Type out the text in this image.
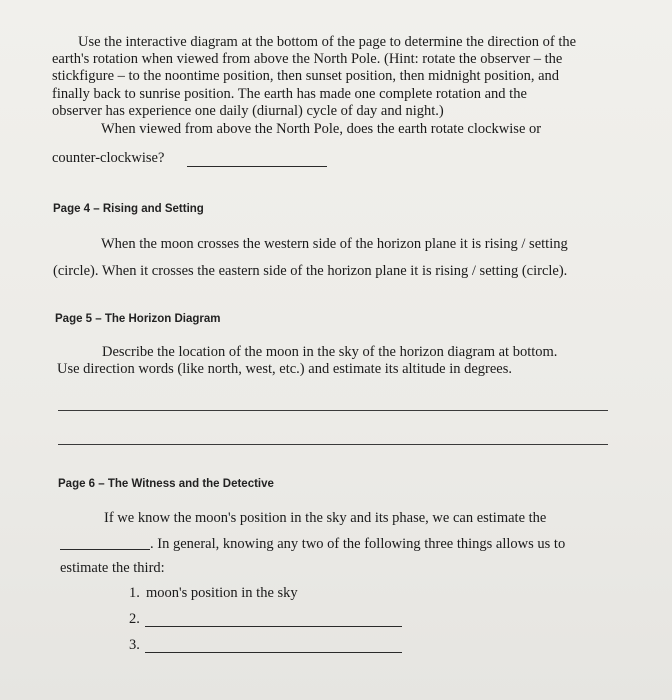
Use the interactive diagram at the bottom of the page to determine the direction of the
earth's rotation when viewed from above the North Pole. (Hint: rotate the observer – the
stickfigure – to the noontime position, then sunset position, then midnight position, and
finally back to sunrise position. The earth has made one complete rotation and the
observer has experience one daily (diurnal) cycle of day and night.)
When viewed from above the North Pole, does the earth rotate clockwise or
counter-clockwise?
Page 4 – Rising and Setting
When the moon crosses the western side of the horizon plane it is rising / setting
(circle). When it crosses the eastern side of the horizon plane it is rising / setting (circle).
Page 5 – The Horizon Diagram
Describe the location of the moon in the sky of the horizon diagram at bottom.
Use direction words (like north, west, etc.) and estimate its altitude in degrees.
Page 6 – The Witness and the Detective
If we know the moon's position in the sky and its phase, we can estimate the
. In general, knowing any two of the following three things allows us to
estimate the third:
1. moon's position in the sky
2.
3.
